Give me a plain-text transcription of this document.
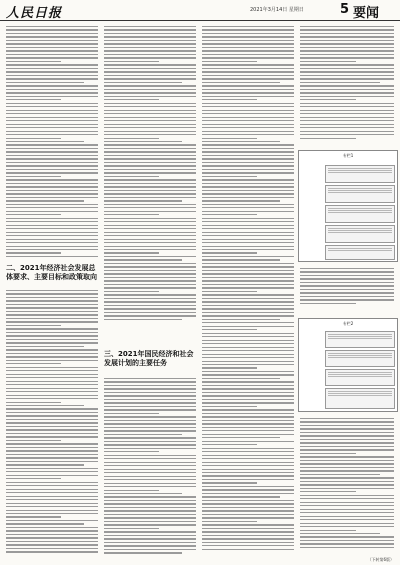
人民日报	2021年3月14日 星期日	5 要闻
二、2021年经济社会发展总体要求、主要目标和政策取向
三、2021年国民经济和社会发展计划的主要任务
专栏1
专栏2
（下转第6版）
